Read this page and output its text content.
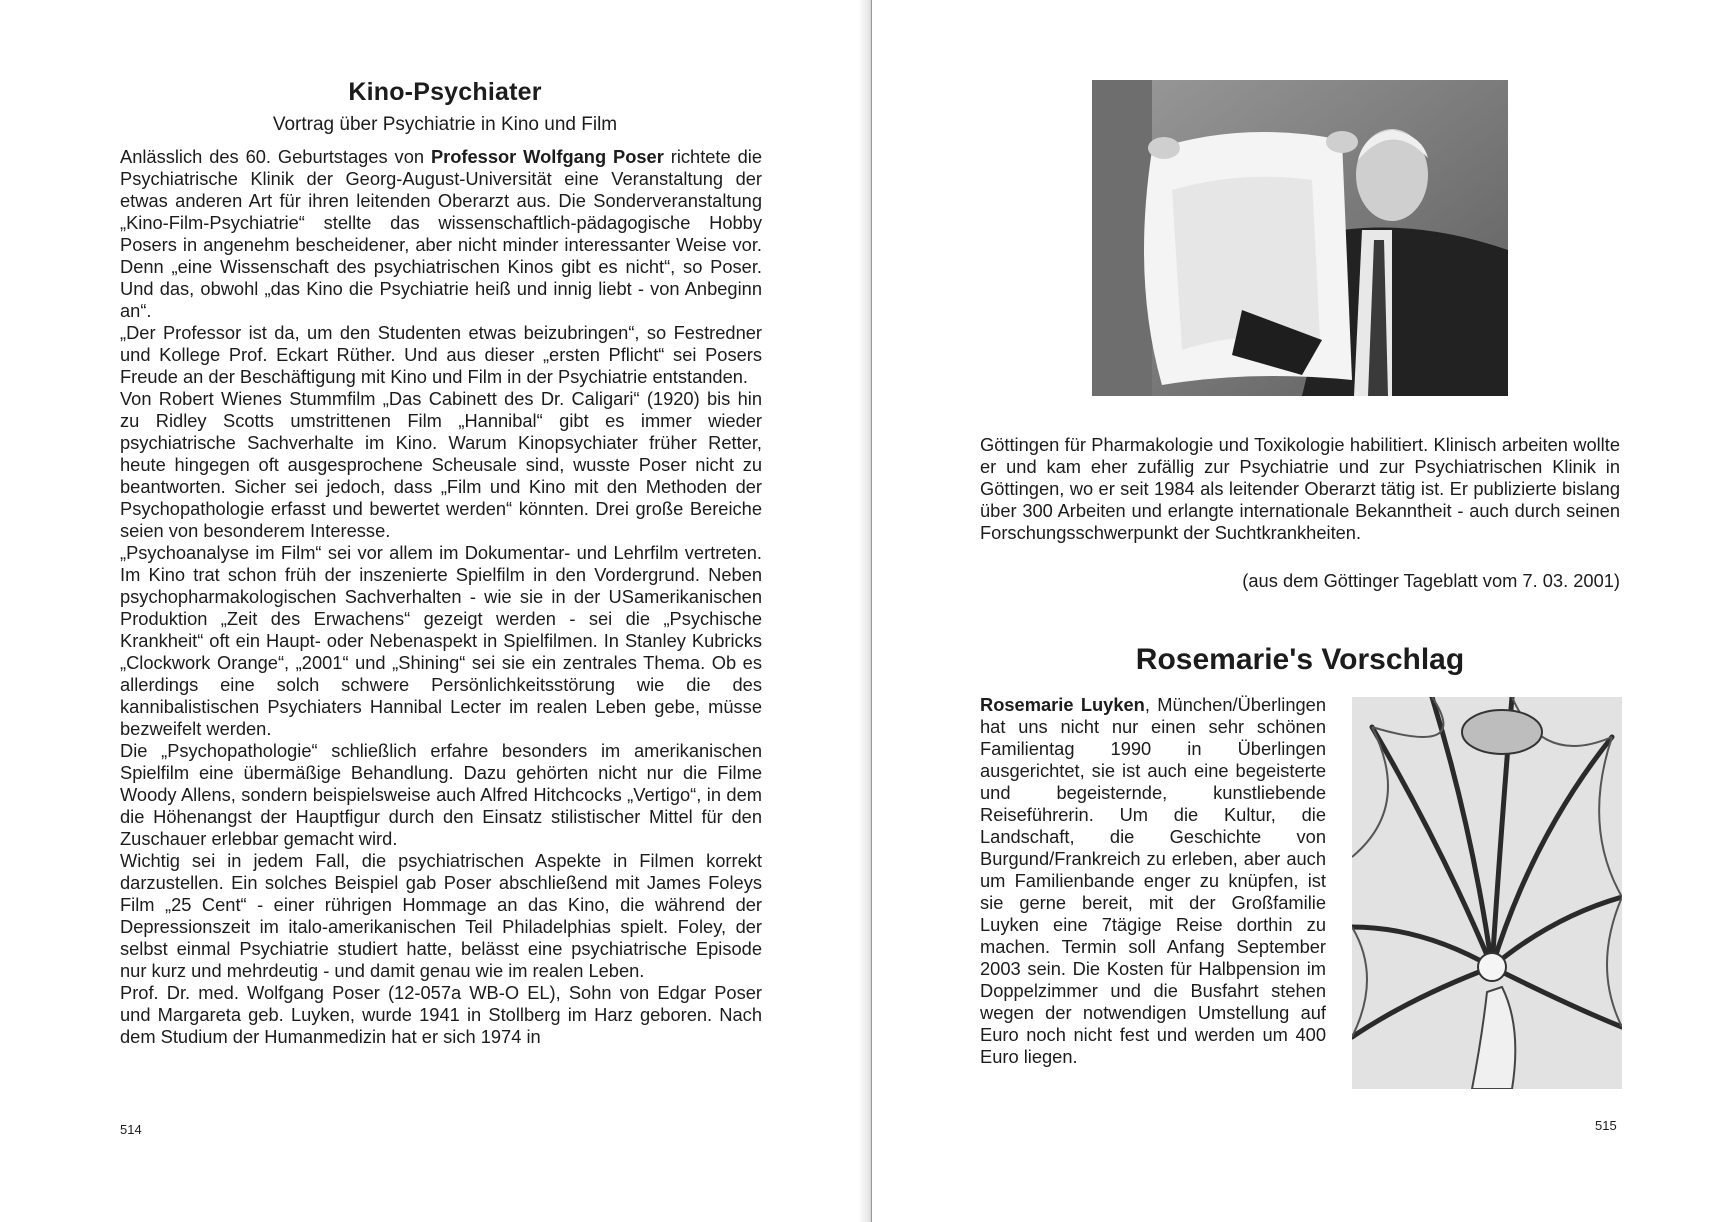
Kino-Psychiater
Vortrag über Psychiatrie in Kino und Film

Anlässlich des 60. Geburtstages von Professor Wolfgang Poser richtete die Psychiatrische Klinik der Georg-August-Universität eine Veranstaltung der etwas anderen Art für ihren leitenden Oberarzt aus. Die Sonderveranstaltung „Kino-Film-Psychiatrie“ stellte das wissenschaftlich-pädagogische Hobby Posers in angenehm bescheidener, aber nicht minder interessanter Weise vor. Denn „eine Wissenschaft des psychiatrischen Kinos gibt es nicht“, so Poser. Und das, obwohl „das Kino die Psychiatrie heiß und innig liebt - von Anbeginn an“.

„Der Professor ist da, um den Studenten etwas beizubringen“, so Festredner und Kollege Prof. Eckart Rüther. Und aus dieser „ersten Pflicht“ sei Posers Freude an der Beschäftigung mit Kino und Film in der Psychiatrie entstanden.

Von Robert Wienes Stummfilm „Das Cabinett des Dr. Caligari“ (1920) bis hin zu Ridley Scotts umstrittenen Film „Hannibal“ gibt es immer wieder psychiatrische Sachverhalte im Kino. Warum Kinopsychiater früher Retter, heute hingegen oft ausgesprochene Scheusale sind, wusste Poser nicht zu beantworten. Sicher sei jedoch, dass „Film und Kino mit den Methoden der Psychopathologie erfasst und bewertet werden“ könnten. Drei große Bereiche seien von besonderem Interesse.

„Psychoanalyse im Film“ sei vor allem im Dokumentar- und Lehrfilm vertreten. Im Kino trat schon früh der inszenierte Spielfilm in den Vordergrund. Neben psychopharmakologischen Sachverhalten - wie sie in der USamerikanischen Produktion „Zeit des Erwachens“ gezeigt werden - sei die „Psychische Krankheit“ oft ein Haupt- oder Nebenaspekt in Spielfilmen. In Stanley Kubricks „Clockwork Orange“, „2001“ und „Shining“ sei sie ein zentrales Thema. Ob es allerdings eine solch schwere Persönlichkeitsstörung wie die des kannibalistischen Psychiaters Hannibal Lecter im realen Leben gebe, müsse bezweifelt werden.

Die „Psychopathologie“ schließlich erfahre besonders im amerikanischen Spielfilm eine übermäßige Behandlung. Dazu gehörten nicht nur die Filme Woody Allens, sondern beispielsweise auch Alfred Hitchcocks „Vertigo“, in dem die Höhenangst der Hauptfigur durch den Einsatz stilistischer Mittel für den Zuschauer erlebbar gemacht wird.

Wichtig sei in jedem Fall, die psychiatrischen Aspekte in Filmen korrekt darzustellen. Ein solches Beispiel gab Poser abschließend mit James Foleys Film „25 Cent“ - einer rührigen Hommage an das Kino, die während der Depressionszeit im italo-amerikanischen Teil Philadelphias spielt. Foley, der selbst einmal Psychiatrie studiert hatte, belässt eine psychiatrische Episode nur kurz und mehrdeutig - und damit genau wie im realen Leben.

Prof. Dr. med. Wolfgang Poser (12-057a WB-O EL), Sohn von Edgar Poser und Margareta geb. Luyken, wurde 1941 in Stollberg im Harz geboren. Nach dem Studium der Humanmedizin hat er sich 1974 in

514

Göttingen für Pharmakologie und Toxikologie habilitiert. Klinisch arbeiten wollte er und kam eher zufällig zur Psychiatrie und zur Psychiatrischen Klinik in Göttingen, wo er seit 1984 als leitender Oberarzt tätig ist. Er publizierte bislang über 300 Arbeiten und erlangte internationale Bekanntheit - auch durch seinen Forschungsschwerpunkt der Suchtkrankheiten.

(aus dem Göttinger Tageblatt vom 7. 03. 2001)
Rosemarie's Vorschlag

Rosemarie Luyken, München/Überlingen hat uns nicht nur einen sehr schönen Familientag 1990 in Überlingen ausgerichtet, sie ist auch eine begeisterte und begeisternde, kunstliebende Reiseführerin. Um die Kultur, die Landschaft, die Geschichte von Burgund/Frankreich zu erleben, aber auch um Familienbande enger zu knüpfen, ist sie gerne bereit, mit der Großfamilie Luyken eine 7tägige Reise dorthin zu machen. Termin soll Anfang September 2003 sein. Die Kosten für Halbpension im Doppelzimmer und die Busfahrt stehen wegen der notwendigen Umstellung auf Euro noch nicht fest und werden um 400 Euro liegen.

515
